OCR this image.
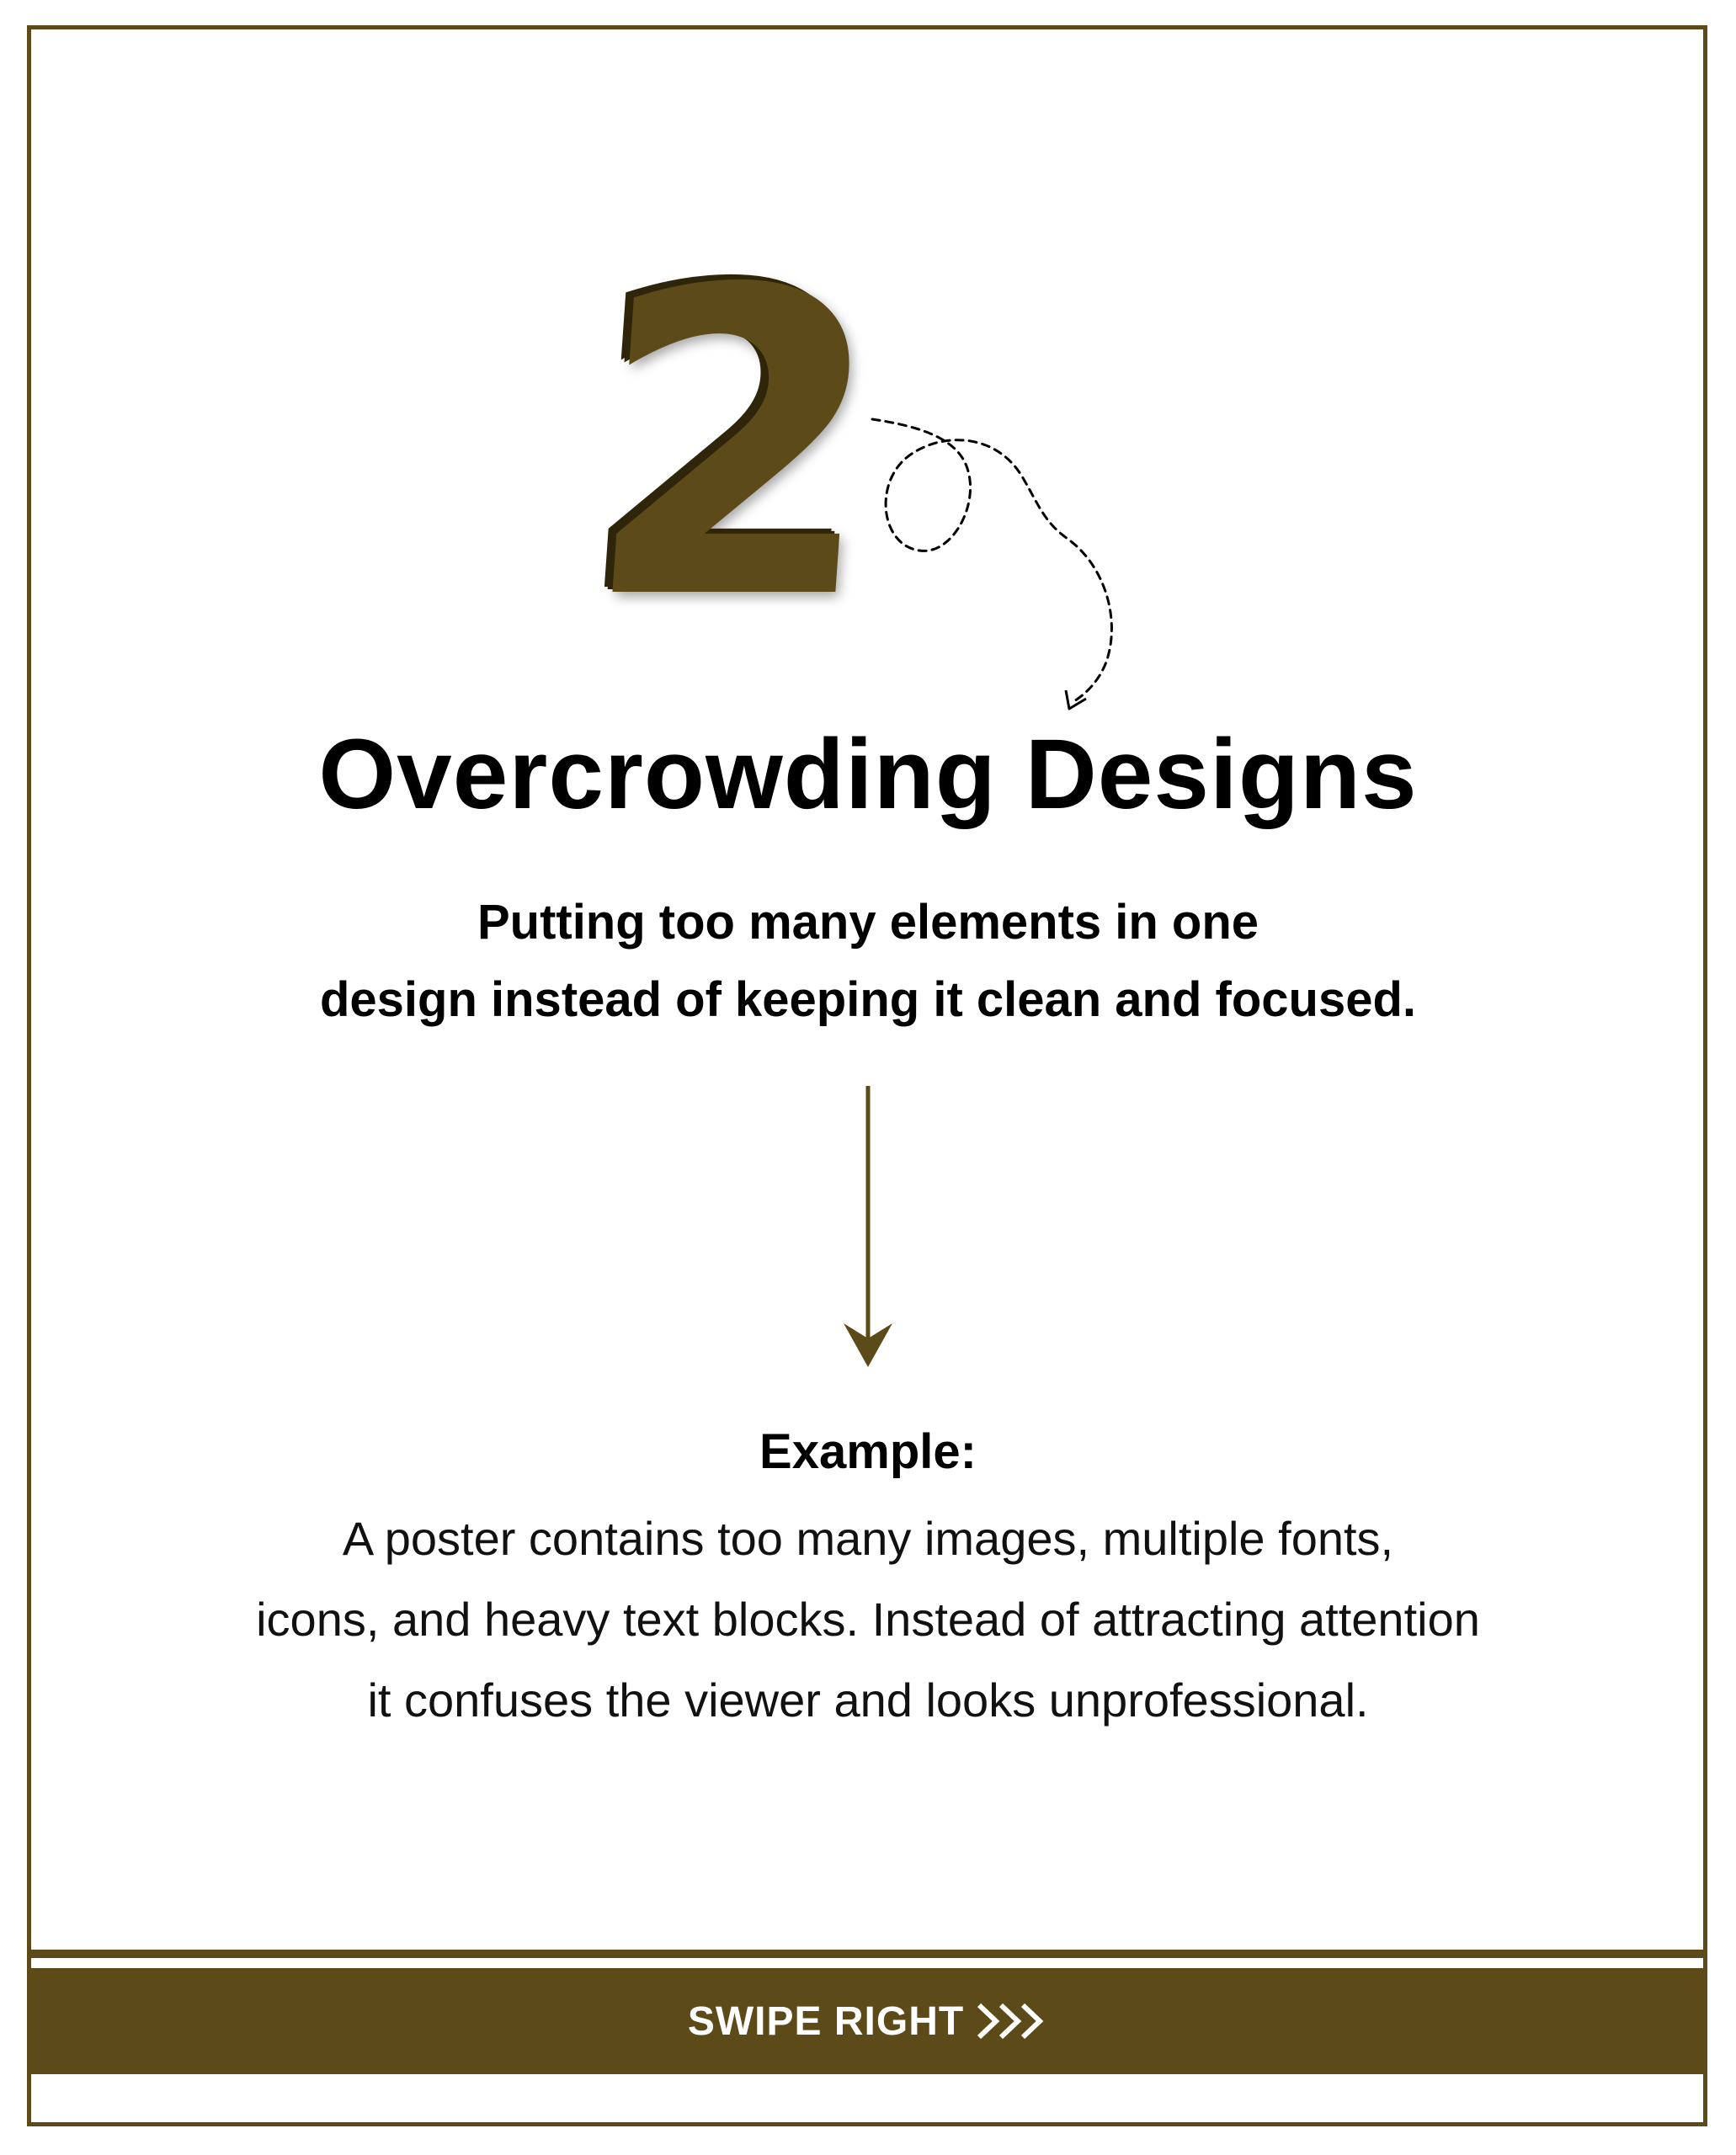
2
Overcrowding Designs
Putting too many elements in one
design instead of keeping it clean and focused.
Example:
A poster contains too many images, multiple fonts,
icons, and heavy text blocks. Instead of attracting attention
it confuses the viewer and looks unprofessional.
SWIPE RIGHT
